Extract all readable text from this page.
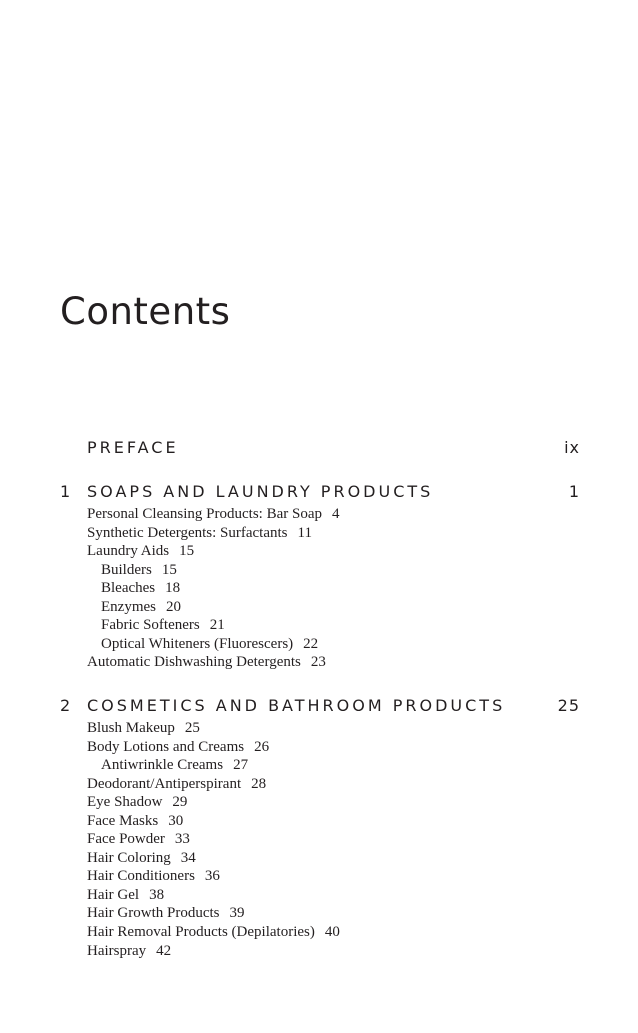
Contents
PREFACE	ix
1 SOAPS AND LAUNDRY PRODUCTS	1
Personal Cleansing Products: Bar Soap 4
Synthetic Detergents: Surfactants 11
Laundry Aids 15
Builders 15
Bleaches 18
Enzymes 20
Fabric Softeners 21
Optical Whiteners (Fluorescers) 22
Automatic Dishwashing Detergents 23
2 COSMETICS AND BATHROOM PRODUCTS	25
Blush Makeup 25
Body Lotions and Creams 26
Antiwrinkle Creams 27
Deodorant/Antiperspirant 28
Eye Shadow 29
Face Masks 30
Face Powder 33
Hair Coloring 34
Hair Conditioners 36
Hair Gel 38
Hair Growth Products 39
Hair Removal Products (Depilatories) 40
Hairspray 42
